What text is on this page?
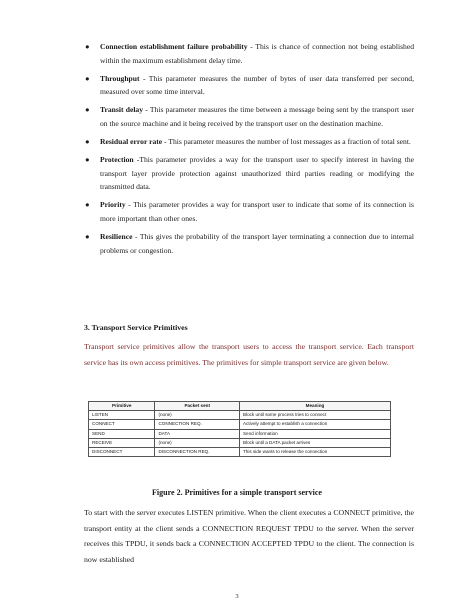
● Connection establishment failure probability - This is chance of connection not being established within the maximum establishment delay time.
● Throughput - This parameter measures the number of bytes of user data transferred per second, measured over some time interval.
● Transit delay - This parameter measures the time between a message being sent by the transport user on the source machine and it being received by the transport user on the destination machine.
● Residual error rate - This parameter measures the number of lost messages as a fraction of total sent.
● Protection -This parameter provides a way for the transport user to specify interest in having the transport layer provide protection against unauthorized third parties reading or modifying the transmitted data.
● Priority - This parameter provides a way for transport user to indicate that some of its connection is more important than other ones.
● Resilience - This gives the probability of the transport layer terminating a connection due to internal problems or congestion.
3. Transport Service Primitives
Transport service primitives allow the transport users to access the transport service. Each transport service has its own access primitives. The primitives for simple transport service are given below.
Primitive	Packet sent	Meaning
LISTEN	(none)	Block until some process tries to connect
CONNECT	CONNECTION REQ.	Actively attempt to establish a connection
SEND	DATA	Send information
RECEIVE	(none)	Block until a DATA packet arrives
DISCONNECT	DISCONNECTION REQ.	This side wants to release the connection
Figure 2. Primitives for a simple transport service
To start with the server executes LISTEN primitive. When the client executes a CONNECT primitive, the transport entity at the client sends a CONNECTION REQUEST TPDU to the server. When the server receives this TPDU, it sends back a CONNECTION ACCEPTED TPDU to the client. The connection is now established
3
